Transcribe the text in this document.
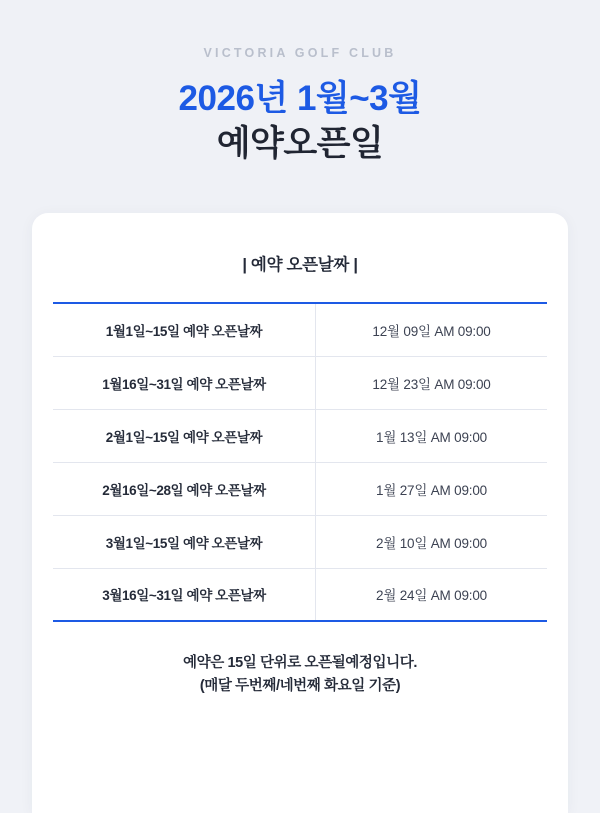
VICTORIA GOLF CLUB
2026년 1월~3월
예약오픈일
| 예약 오픈날짜 |
1월1일~15일 예약 오픈날짜	12월 09일 AM 09:00
1월16일~31일 예약 오픈날짜	12월 23일 AM 09:00
2월1일~15일 예약 오픈날짜	1월 13일 AM 09:00
2월16일~28일 예약 오픈날짜	1월 27일 AM 09:00
3월1일~15일 예약 오픈날짜	2월 10일 AM 09:00
3월16일~31일 예약 오픈날짜	2월 24일 AM 09:00
예약은 15일 단위로 오픈될예정입니다.
(매달 두번째/네번째 화요일 기준)
